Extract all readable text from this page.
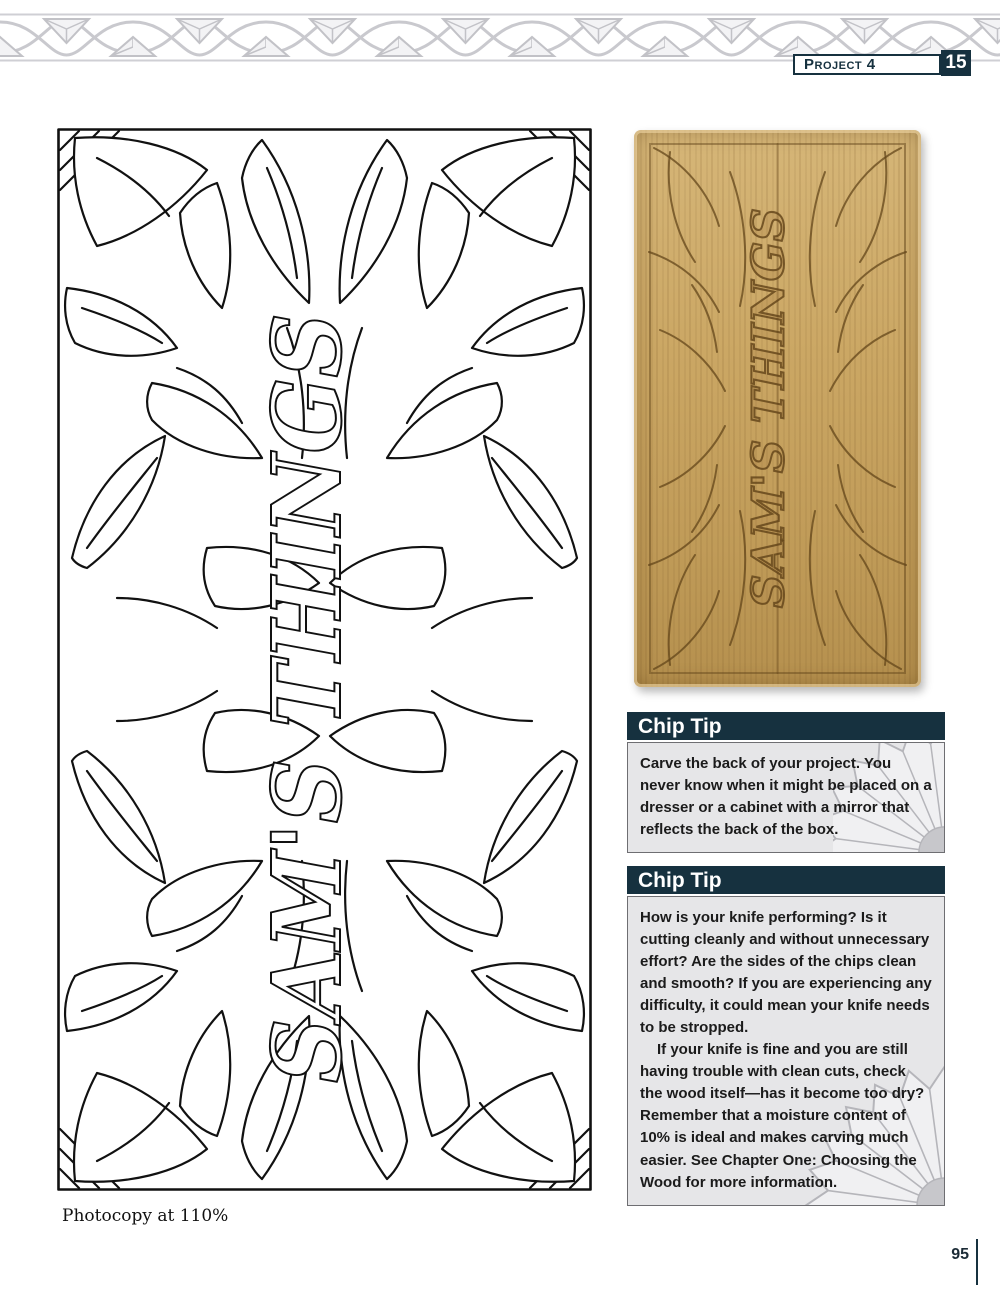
Project 4	15
SAM'S THINGS
Photocopy at 110%
SAM'S THINGS
Chip Tip

Carve the back of your project. You never know when it might be placed on a dresser or a cabinet with a mirror that reflects the back of the box.

Chip Tip

How is your knife performing? Is it cutting cleanly and without unnecessary effort? Are the sides of the chips clean and smooth? If you are experiencing any difficulty, it could mean your knife needs to be stropped.

If your knife is fine and you are still having trouble with clean cuts, check the wood itself—has it become too dry? Remember that a moisture content of 10% is ideal and makes carving much easier. See Chapter One: Choosing the Wood for more information.

95
